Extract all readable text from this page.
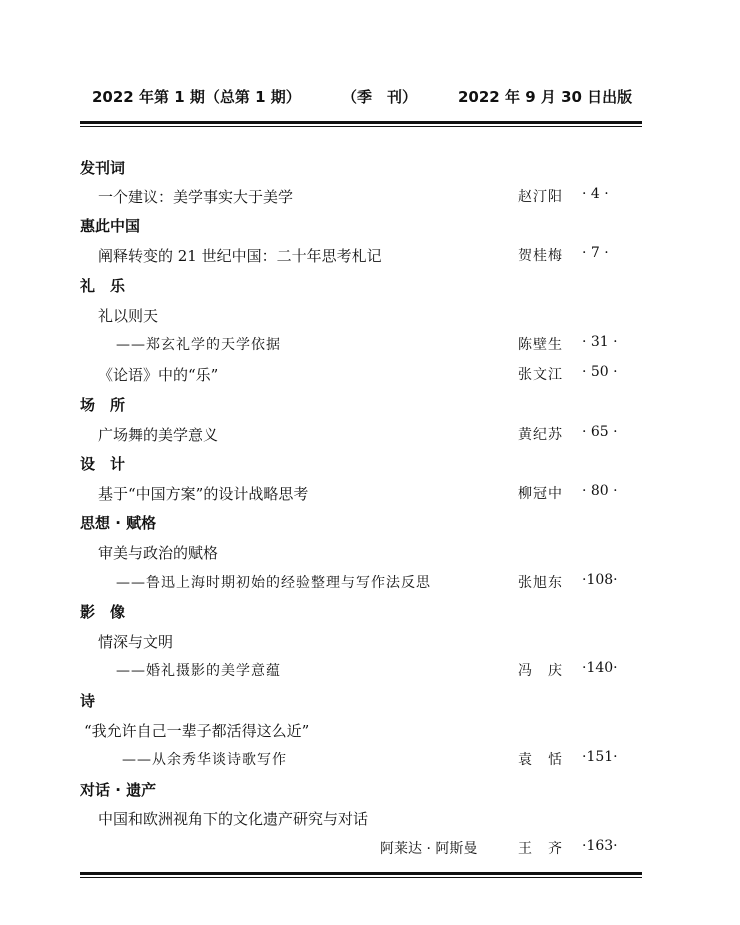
2022 年第 1 期（总第 1 期）	（季　刊）	2022 年 9 月 30 日出版
发刊词
一个建议：美学事实大于美学	赵汀阳 · 4 ·
惠此中国
阐释转变的 21 世纪中国：二十年思考札记	贺桂梅 · 7 ·
礼　乐
礼以则天
——郑玄礼学的天学依据	陈壁生 · 31 ·
《论语》中的“乐”	张文江 · 50 ·
场　所
广场舞的美学意义	黄纪苏 · 65 ·
设　计
基于“中国方案”的设计战略思考	柳冠中 · 80 ·
思想 · 赋格
审美与政治的赋格
——鲁迅上海时期初始的经验整理与写作法反思	张旭东 ·108·
影　像
情深与文明
——婚礼摄影的美学意蕴	冯　庆 ·140·
诗
“我允许自己一辈子都活得这么近”
——从余秀华谈诗歌写作	袁　恬 ·151·
对话 · 遗产
中国和欧洲视角下的文化遗产研究与对话
阿莱达 · 阿斯曼	王　齐 ·163·
